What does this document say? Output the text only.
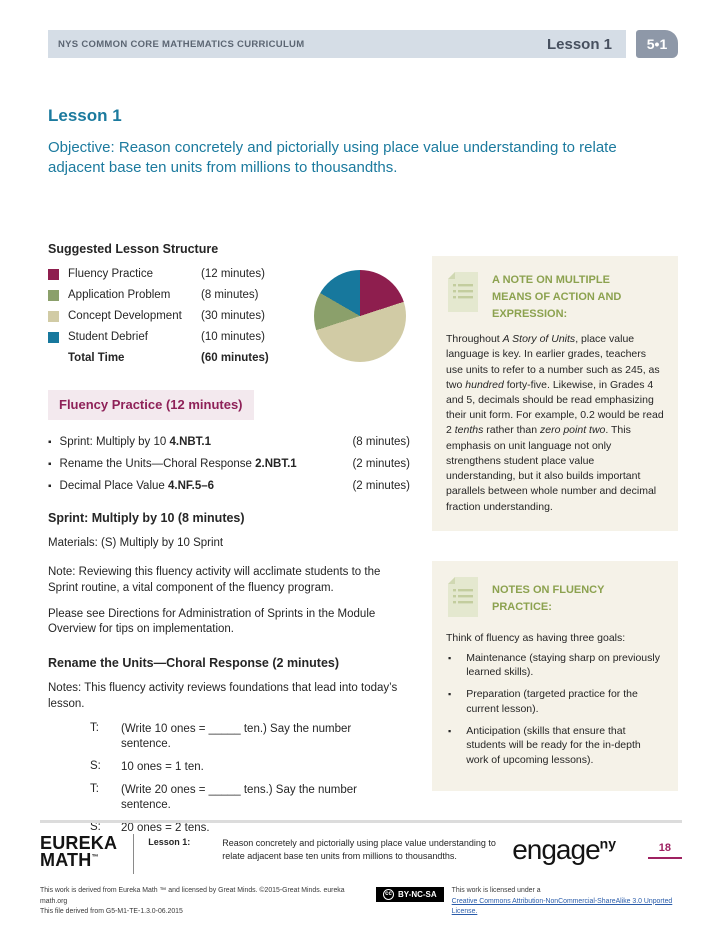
NYS COMMON CORE MATHEMATICS CURRICULUM	Lesson 1	5•1
Lesson 1
Objective: Reason concretely and pictorially using place value understanding to relate adjacent base ten units from millions to thousandths.
Suggested Lesson Structure
Fluency Practice	(12 minutes)
Application Problem	(8 minutes)
Concept Development	(30 minutes)
Student Debrief	(10 minutes)
Total Time	(60 minutes)
Fluency Practice (12 minutes)
▪
Sprint: Multiply by 10 4.NBT.1	(8 minutes)
▪
Rename the Units—Choral Response 2.NBT.1	(2 minutes)
▪
Decimal Place Value 4.NF.5–6	(2 minutes)
Sprint: Multiply by 10 (8 minutes)
Materials: (S) Multiply by 10 Sprint
Note: Reviewing this fluency activity will acclimate students to the Sprint routine, a vital component of the fluency program.
Please see Directions for Administration of Sprints in the Module Overview for tips on implementation.
Rename the Units—Choral Response (2 minutes)
Notes: This fluency activity reviews foundations that lead into today’s lesson.
T:	(Write 10 ones = _____ ten.) Say the number sentence.
S:	10 ones = 1 ten.
T:	(Write 20 ones = _____ tens.) Say the number sentence.
S:	20 ones = 2 tens.
A NOTE ON MULTIPLE MEANS OF ACTION AND EXPRESSION:
Throughout A Story of Units, place value language is key. In earlier grades, teachers use units to refer to a number such as 245, as two hundred forty-five. Likewise, in Grades 4 and 5, decimals should be read emphasizing their unit form. For example, 0.2 would be read 2 tenths rather than zero point two. This emphasis on unit language not only strengthens student place value understanding, but it also builds important parallels between whole number and decimal fraction understanding.
NOTES ON FLUENCY PRACTICE:
Think of fluency as having three goals:
▪
Maintenance (staying sharp on previously learned skills).
▪
Preparation (targeted practice for the current lesson).
▪
Anticipation (skills that ensure that students will be ready for the in-depth work of upcoming lessons).
EUREKA
MATH™
Lesson 1:	Reason concretely and pictorially using place value understanding to relate adjacent base ten units from millions to thousandths.	engage$^{ny}$	18
This work is derived from Eureka Math ™ and licensed by Great Minds. ©2015-Great Minds. eureka math.org
This file derived from G5-M1-TE-1.3.0-06.2015
cc
BY-NC-SA This work is licensed under a
Creative Commons Attribution-NonCommercial-ShareAlike 3.0 Unported License.
